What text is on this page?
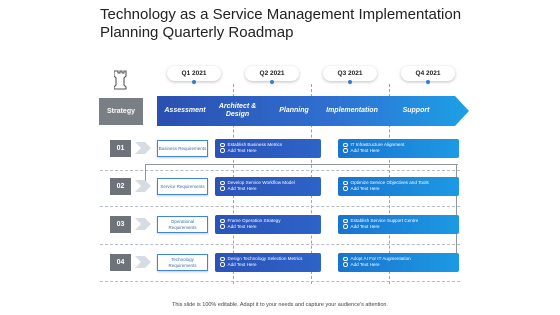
Technology as a Service Management Implementation Planning Quarterly Roadmap
Q1 2021	Q2 2021	Q3 2021	Q4 2021
Strategy	Assessment
Architect & Design
Planning	Implementation	Support
01	Business Requirements
Establish Business Metrics
Add Text Here
IT Infrastructure Alignment
Add Text Here
02	Service Requirements
Develop Service Workflow Model
Add Text Here
Optimize Service Objectives and Tools
Add Text Here
03	Operational Requirements
Frame Operation Strategy
Add Text Here
Establish Service Support Centre
Add Text Here
04	Technology Requirements
Design Technology Selection Metrics
Add Text Here
Adopt AI For IT Augmentation
Add Text Here
This slide is 100% editable. Adapt it to your needs and capture your audience's attention.
